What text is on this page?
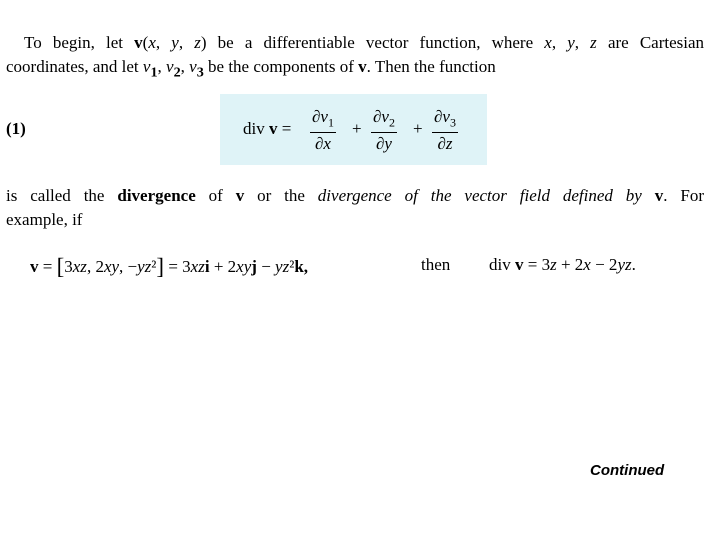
To begin, let v(x, y, z) be a differentiable vector function, where x, y, z are Cartesian
coordinates, and let $v_1$, $v_2$, $v_3$ be the components of v. Then the function
(1)	div v =
$\partial v_1$
∂x
+
$\partial v_2$
∂y
+
$\partial v_3$
∂z
is called the divergence of v or the divergence of the vector field defined by v. For
example, if
v = [3xz, 2xy, −yz²] = 3xzi + 2xyj − yz²k,	then div v = 3z + 2x − 2yz.
Continued
